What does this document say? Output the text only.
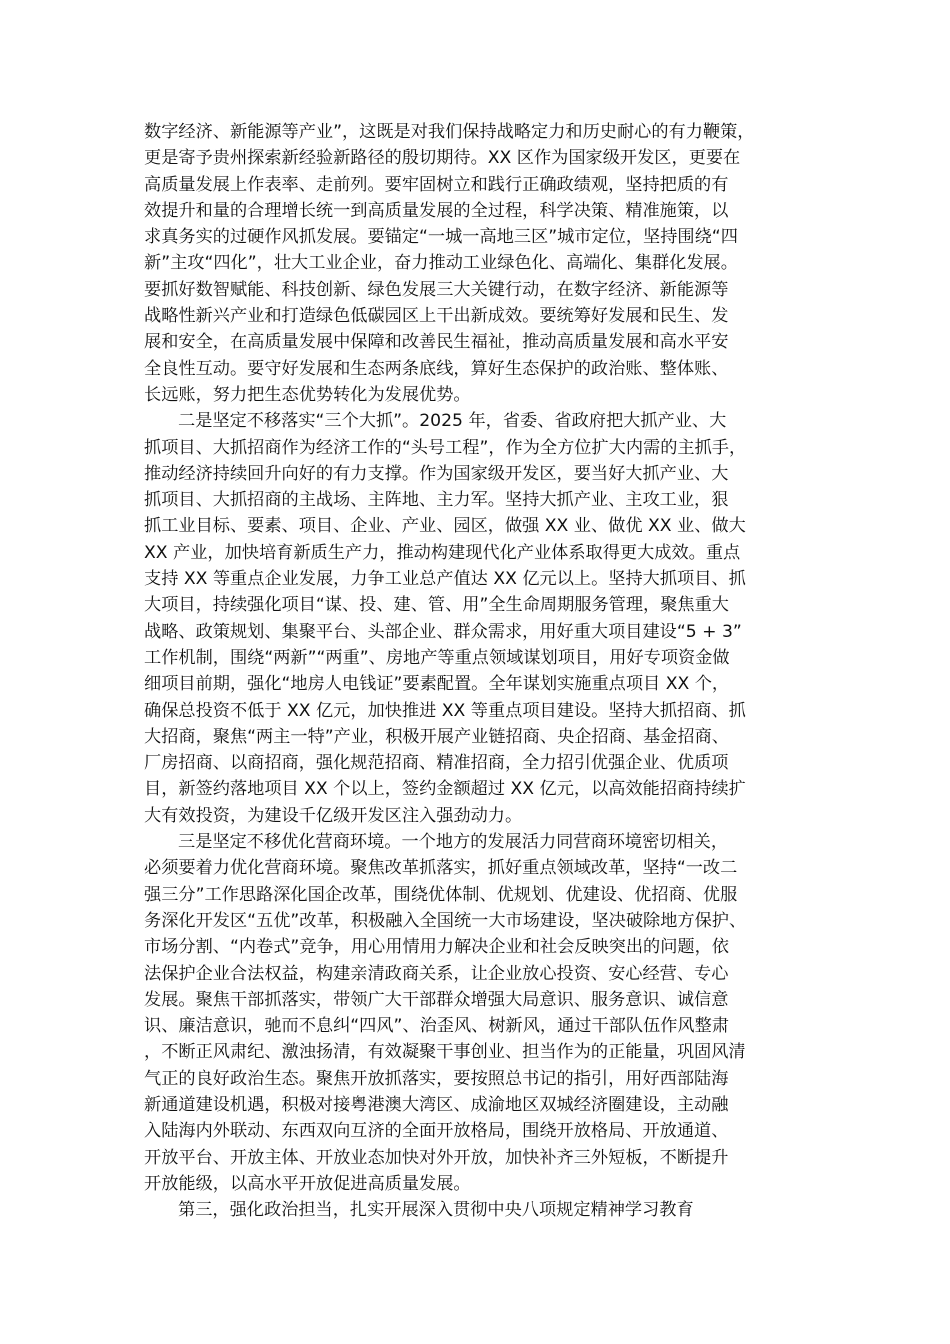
数字经济、新能源等产业”，这既是对我们保持战略定力和历史耐心的有力鞭策，
更是寄予贵州探索新经验新路径的殷切期待。XX 区作为国家级开发区，更要在
高质量发展上作表率、走前列。要牢固树立和践行正确政绩观，坚持把质的有
效提升和量的合理增长统一到高质量发展的全过程，科学决策、精准施策，以
求真务实的过硬作风抓发展。要锚定“一城一高地三区”城市定位，坚持围绕“四
新”主攻“四化”，壮大工业企业，奋力推动工业绿色化、高端化、集群化发展。
要抓好数智赋能、科技创新、绿色发展三大关键行动，在数字经济、新能源等
战略性新兴产业和打造绿色低碳园区上干出新成效。要统筹好发展和民生、发
展和安全，在高质量发展中保障和改善民生福祉，推动高质量发展和高水平安
全良性互动。要守好发展和生态两条底线，算好生态保护的政治账、整体账、
长远账，努力把生态优势转化为发展优势。
二是坚定不移落实“三个大抓”。2025 年，省委、省政府把大抓产业、大
抓项目、大抓招商作为经济工作的“头号工程”，作为全方位扩大内需的主抓手，
推动经济持续回升向好的有力支撑。作为国家级开发区，要当好大抓产业、大
抓项目、大抓招商的主战场、主阵地、主力军。坚持大抓产业、主攻工业，狠
抓工业目标、要素、项目、企业、产业、园区，做强 XX 业、做优 XX 业、做大
XX 产业，加快培育新质生产力，推动构建现代化产业体系取得更大成效。重点
支持 XX 等重点企业发展，力争工业总产值达 XX 亿元以上。坚持大抓项目、抓
大项目，持续强化项目“谋、投、建、管、用”全生命周期服务管理，聚焦重大
战略、政策规划、集聚平台、头部企业、群众需求，用好重大项目建设“5 + 3”
工作机制，围绕“两新”“两重”、房地产等重点领域谋划项目，用好专项资金做
细项目前期，强化“地房人电钱证”要素配置。全年谋划实施重点项目 XX 个，
确保总投资不低于 XX 亿元，加快推进 XX 等重点项目建设。坚持大抓招商、抓
大招商，聚焦“两主一特”产业，积极开展产业链招商、央企招商、基金招商、
厂房招商、以商招商，强化规范招商、精准招商，全力招引优强企业、优质项
目，新签约落地项目 XX 个以上，签约金额超过 XX 亿元，以高效能招商持续扩
大有效投资，为建设千亿级开发区注入强劲动力。
三是坚定不移优化营商环境。一个地方的发展活力同营商环境密切相关，
必须要着力优化营商环境。聚焦改革抓落实，抓好重点领域改革，坚持“一改二
强三分”工作思路深化国企改革，围绕优体制、优规划、优建设、优招商、优服
务深化开发区“五优”改革，积极融入全国统一大市场建设，坚决破除地方保护、
市场分割、“内卷式”竞争，用心用情用力解决企业和社会反映突出的问题，依
法保护企业合法权益，构建亲清政商关系，让企业放心投资、安心经营、专心
发展。聚焦干部抓落实，带领广大干部群众增强大局意识、服务意识、诚信意
识、廉洁意识，驰而不息纠“四风”、治歪风、树新风，通过干部队伍作风整肃
，不断正风肃纪、激浊扬清，有效凝聚干事创业、担当作为的正能量，巩固风清
气正的良好政治生态。聚焦开放抓落实，要按照总书记的指引，用好西部陆海
新通道建设机遇，积极对接粤港澳大湾区、成渝地区双城经济圈建设，主动融
入陆海内外联动、东西双向互济的全面开放格局，围绕开放格局、开放通道、
开放平台、开放主体、开放业态加快对外开放，加快补齐三外短板，不断提升
开放能级，以高水平开放促进高质量发展。
第三，强化政治担当，扎实开展深入贯彻中央八项规定精神学习教育
